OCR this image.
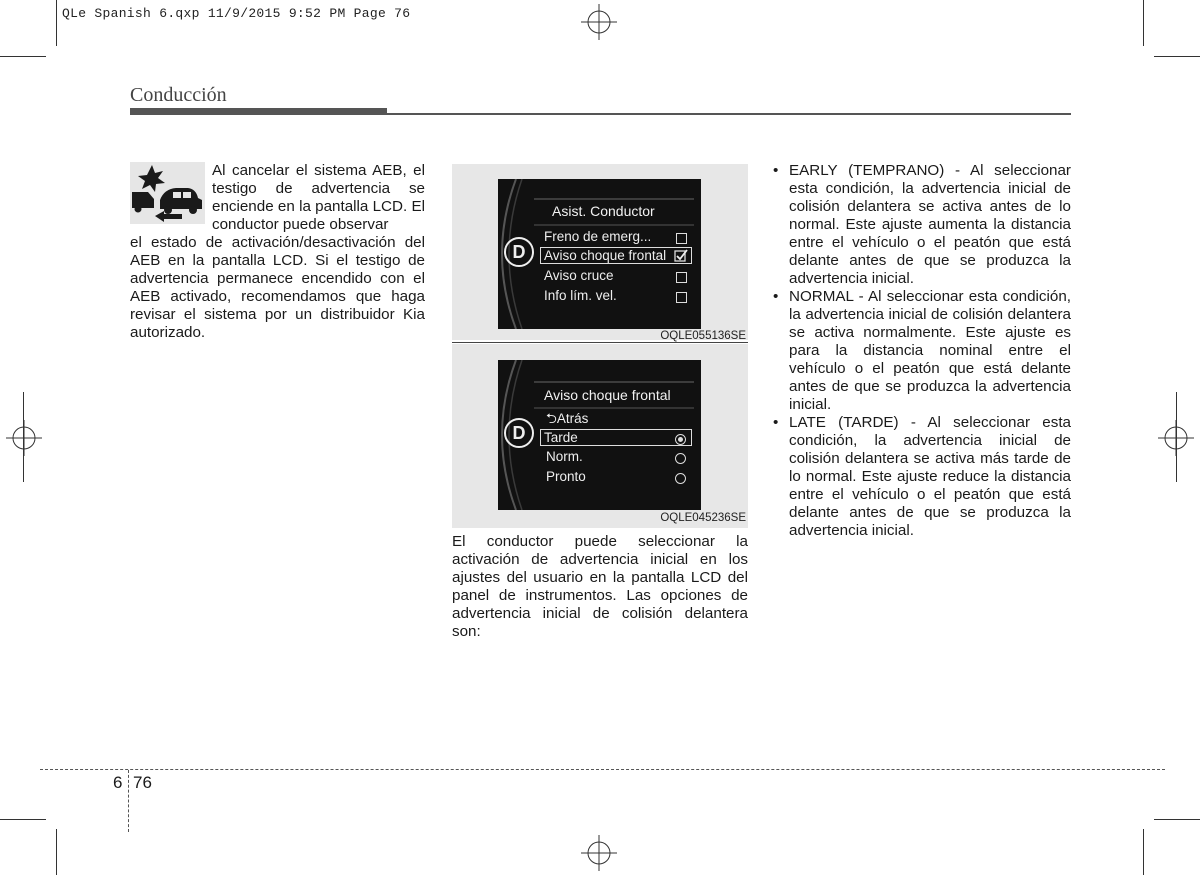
QLe Spanish 6.qxp 11/9/2015 9:52 PM Page 76
Conducción
Al cancelar el sistema AEB, el testigo de advertencia se enciende en la pantalla LCD. El conductor puede observar
el estado de activación/desactivación del AEB en la pantalla LCD. Si el testigo de advertencia permanece encendido con el AEB activado, recomendamos que haga revisar el sistema por un distribuidor Kia autorizado.
D
Asist. Conductor
Freno de emerg...
Aviso choque frontal
Aviso cruce
Info lím. vel.
OQLE055136SE
D
Aviso choque frontal
⮌Atrás
Tarde
Norm.
Pronto
OQLE045236SE
El conductor puede seleccionar la activación de advertencia inicial en los ajustes del usuario en la pantalla LCD del panel de instrumentos. Las opciones de advertencia inicial de colisión delantera son:
• EARLY (TEMPRANO) - Al seleccionar esta condición, la advertencia inicial de colisión delantera se activa antes de lo normal. Este ajuste aumenta la distancia entre el vehículo o el peatón que está delante antes de que se produzca la advertencia inicial.
• NORMAL - Al seleccionar esta condición, la advertencia inicial de colisión delantera se activa normalmente. Este ajuste es para la distancia nominal entre el vehículo o el peatón que está delante antes de que se produzca la advertencia inicial.
• LATE (TARDE) - Al seleccionar esta condición, la advertencia inicial de colisión delantera se activa más tarde de lo normal. Este ajuste reduce la distancia entre el vehículo o el peatón que está delante antes de que se produzca la advertencia inicial.
6 76
